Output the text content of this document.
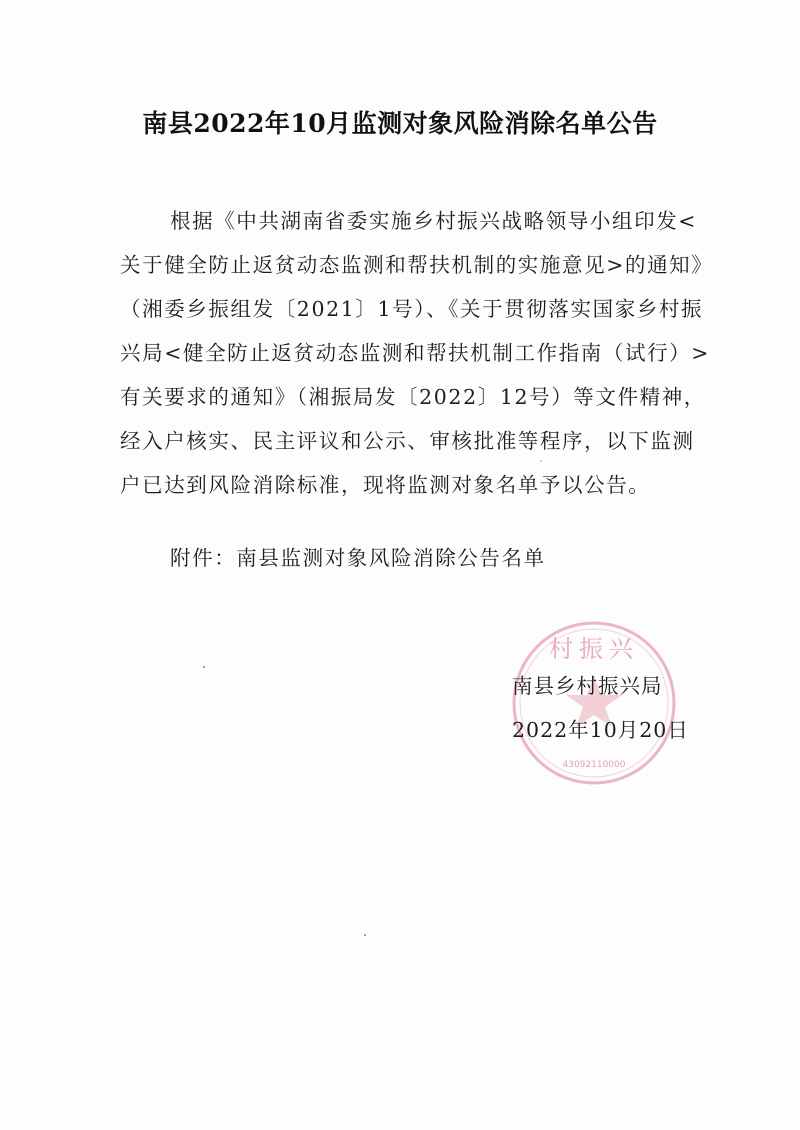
南县2022年10月监测对象风险消除名单公告
根据《中共湖南省委实施乡村振兴战略领导小组印发<
关于健全防止返贫动态监测和帮扶机制的实施意见>的通知》
（湘委乡振组发〔2021〕1号）、《关于贯彻落实国家乡村振
兴局<健全防止返贫动态监测和帮扶机制工作指南（试行）>
有关要求的通知》（湘振局发〔2022〕12号）等文件精神，
经入户核实、民主评议和公示、审核批准等程序，以下监测
户已达到风险消除标准，现将监测对象名单予以公告。
附件：南县监测对象风险消除公告名单
村振兴
43092110000
南县乡村振兴局
2022年10月20日
